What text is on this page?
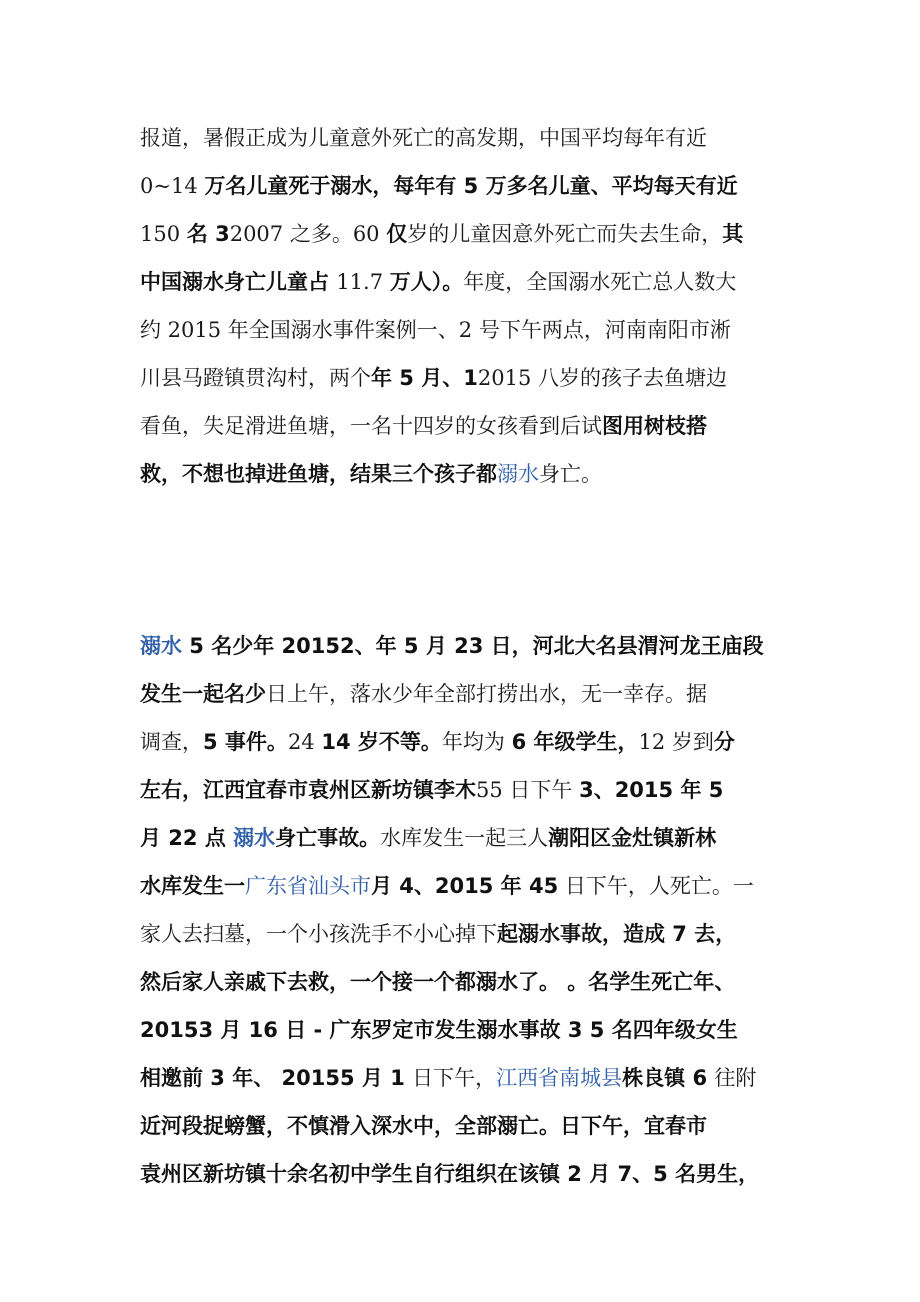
报道，暑假正成为儿童意外死亡的高发期，中国平均每年有近
0~14 万名儿童死于溺水，每年有 5 万多名儿童、平均每天有近
150 名 32007 之多。60 仅岁的儿童因意外死亡而失去生命，其
中国溺水身亡儿童占 11.7 万人）。年度，全国溺水死亡总人数大
约 2015 年全国溺水事件案例一、2 号下午两点，河南南阳市淅
川县马蹬镇贯沟村，两个年 5 月、12015 八岁的孩子去鱼塘边
看鱼，失足滑进鱼塘，一名十四岁的女孩看到后试图用树枝搭
救，不想也掉进鱼塘，结果三个孩子都溺水身亡。
溺水 5 名少年 20152、年 5 月 23 日，河北大名县渭河龙王庙段
发生一起名少日上午，落水少年全部打捞出水，无一幸存。据
调查，5 事件。24 14 岁不等。年均为 6 年级学生，12 岁到分
左右，江西宜春市袁州区新坊镇李木55 日下午 3、2015 年 5
月 22 点 溺水身亡事故。水库发生一起三人潮阳区金灶镇新林
水库发生一广东省汕头市月 4、2015 年 45 日下午，人死亡。一
家人去扫墓，一个小孩洗手不小心掉下起溺水事故，造成 7 去，
然后家人亲戚下去救，一个接一个都溺水了。 。名学生死亡年、
20153 月 16 日 - 广东罗定市发生溺水事故 3 5 名四年级女生
相邀前 3 年、 20155 月 1 日下午，江西省南城县株良镇 6 往附
近河段捉螃蟹，不慎滑入深水中，全部溺亡。日下午，宜春市
袁州区新坊镇十余名初中学生自行组织在该镇 2 月 7、5 名男生，
